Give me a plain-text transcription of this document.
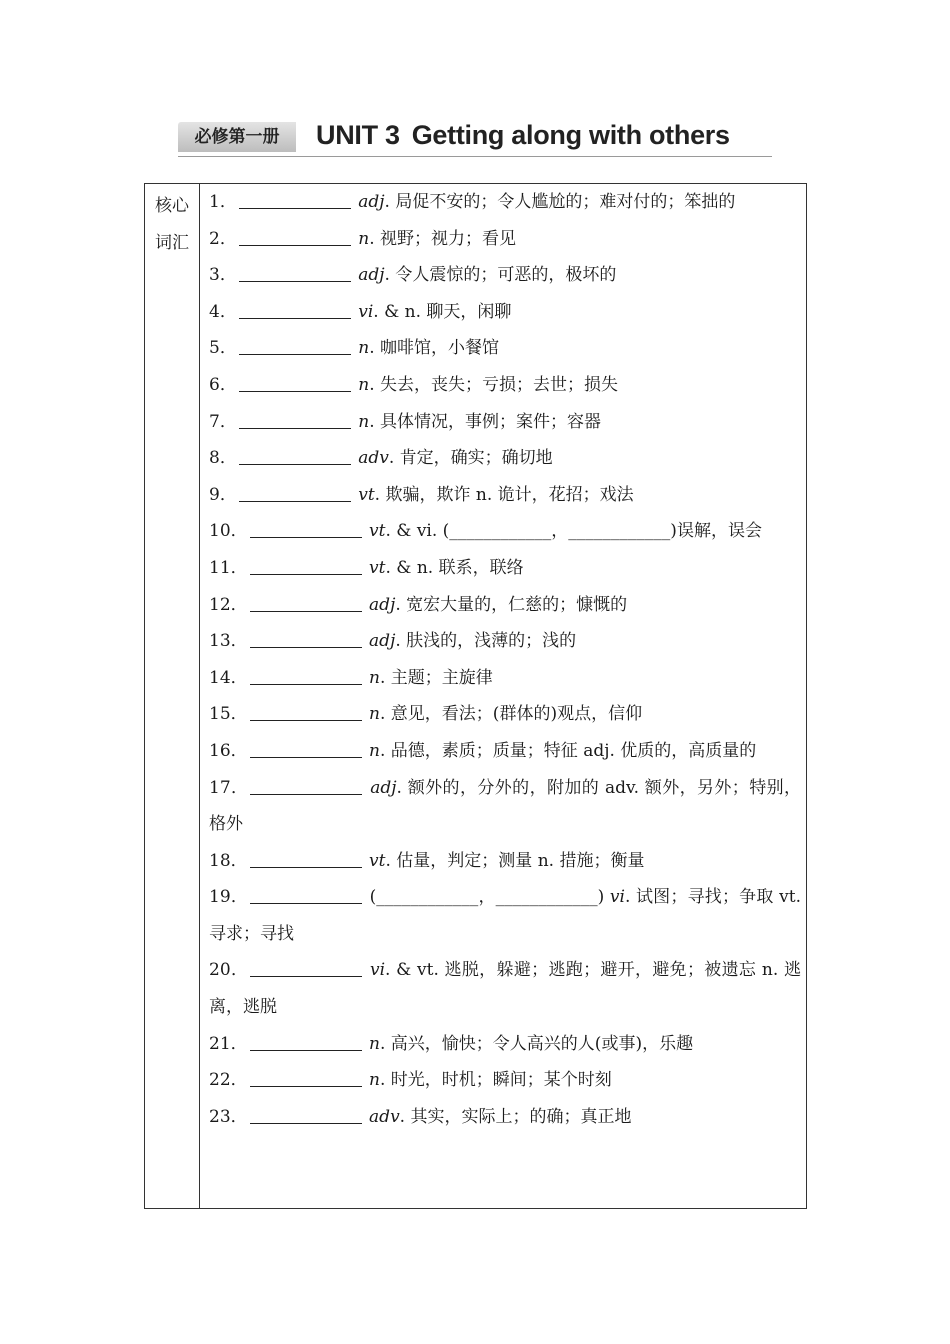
必修第一册	UNIT 3 Getting along with others
核心
词汇
1．	adj. 局促不安的；令人尴尬的；难对付的；笨拙的
2．	n. 视野；视力；看见
3．	adj. 令人震惊的；可恶的，极坏的
4．	vi. & n. 聊天，闲聊
5．	n. 咖啡馆，小餐馆
6．	n. 失去，丧失；亏损；去世；损失
7．	n. 具体情况，事例；案件；容器
8．	adv. 肯定，确实；确切地
9．	vt. 欺骗，欺诈 n. 诡计，花招；戏法
10．	vt. & vi. (____________，____________)误解，误会
11．	vt. & n. 联系，联络
12．	adj. 宽宏大量的，仁慈的；慷慨的
13．	adj. 肤浅的，浅薄的；浅的
14．	n. 主题；主旋律
15．	n. 意见，看法；(群体的)观点，信仰
16．	n. 品德，素质；质量；特征 adj. 优质的，高质量的
17．	adj. 额外的，分外的，附加的 adv. 额外，另外；特别，格外
18．	vt. 估量，判定；测量 n. 措施；衡量
19．	(____________，____________) vi. 试图；寻找；争取 vt. 寻求；寻找
20．	vi. & vt. 逃脱，躲避；逃跑；避开，避免；被遗忘 n. 逃离，逃脱
21．	n. 高兴，愉快；令人高兴的人(或事)，乐趣
22．	n. 时光，时机；瞬间；某个时刻
23．	adv. 其实，实际上；的确；真正地
